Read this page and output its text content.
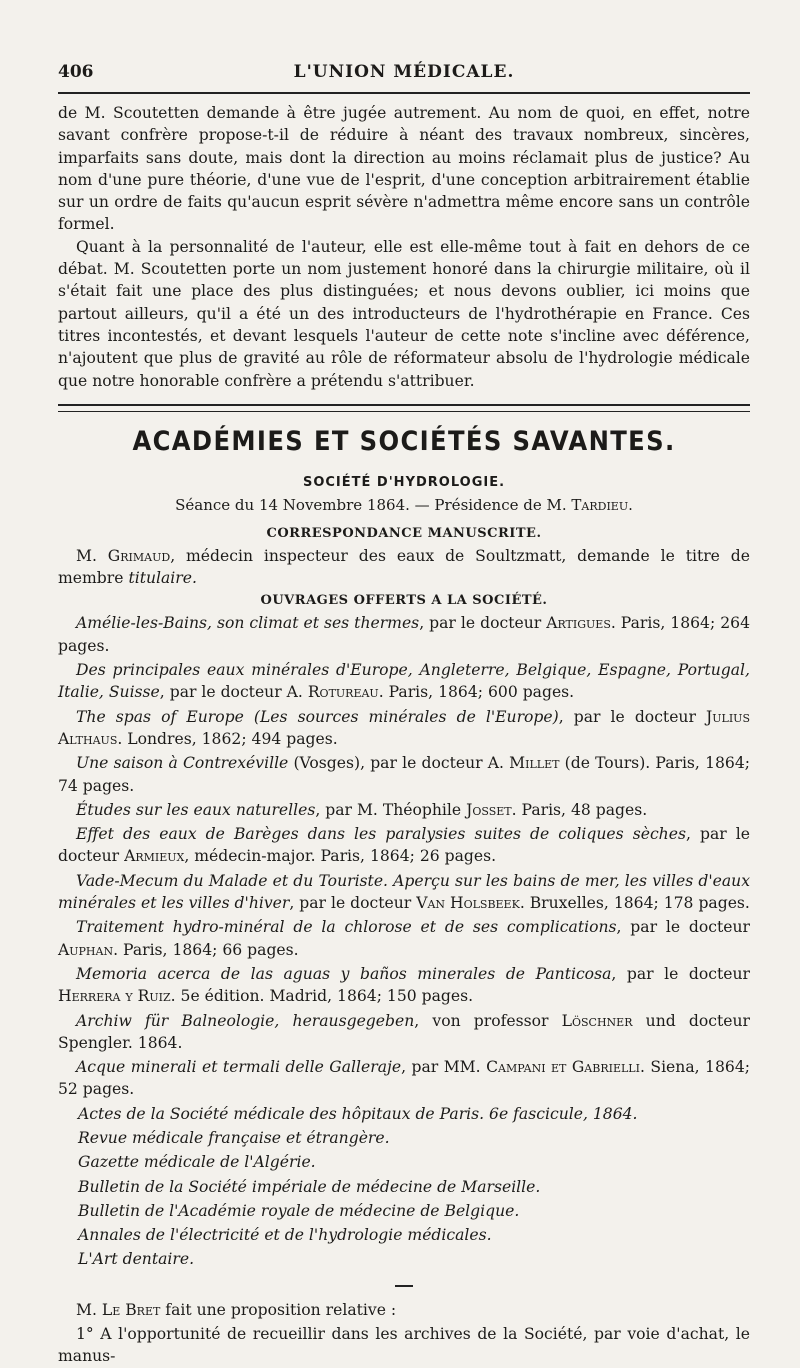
406	L'UNION MÉDICALE.

de M. Scoutetten demande à être jugée autrement. Au nom de quoi, en effet, notre savant confrère propose-t-il de réduire à néant des travaux nombreux, sincères, imparfaits sans doute, mais dont la direction au moins réclamait plus de justice? Au nom d'une pure théorie, d'une vue de l'esprit, d'une conception arbitrairement établie sur un ordre de faits qu'aucun esprit sévère n'admettra même encore sans un contrôle formel.

Quant à la personnalité de l'auteur, elle est elle-même tout à fait en dehors de ce débat. M. Scoutetten porte un nom justement honoré dans la chirurgie militaire, où il s'était fait une place des plus distinguées; et nous devons oublier, ici moins que partout ailleurs, qu'il a été un des introducteurs de l'hydrothérapie en France. Ces titres incontestés, et devant lesquels l'auteur de cette note s'incline avec déférence, n'ajoutent que plus de gravité au rôle de réformateur absolu de l'hydrologie médicale que notre honorable confrère a prétendu s'attribuer.

ACADÉMIES ET SOCIÉTÉS SAVANTES.
SOCIÉTÉ D'HYDROLOGIE.
Séance du 14 Novembre 1864. — Présidence de M. Tardieu.
CORRESPONDANCE MANUSCRITE.

M. Grimaud, médecin inspecteur des eaux de Soultzmatt, demande le titre de membre titulaire.

OUVRAGES OFFERTS A LA SOCIÉTÉ.

Amélie-les-Bains, son climat et ses thermes, par le docteur Artigues. Paris, 1864; 264 pages.

Des principales eaux minérales d'Europe, Angleterre, Belgique, Espagne, Portugal, Italie, Suisse, par le docteur A. Rotureau. Paris, 1864; 600 pages.

The spas of Europe (Les sources minérales de l'Europe), par le docteur Julius Althaus. Londres, 1862; 494 pages.

Une saison à Contrexéville (Vosges), par le docteur A. Millet (de Tours). Paris, 1864; 74 pages.

Études sur les eaux naturelles, par M. Théophile Josset. Paris, 48 pages.

Effet des eaux de Barèges dans les paralysies suites de coliques sèches, par le docteur Armieux, médecin-major. Paris, 1864; 26 pages.

Vade-Mecum du Malade et du Touriste. Aperçu sur les bains de mer, les villes d'eaux minérales et les villes d'hiver, par le docteur Van Holsbeek. Bruxelles, 1864; 178 pages.

Traitement hydro-minéral de la chlorose et de ses complications, par le docteur Auphan. Paris, 1864; 66 pages.

Memoria acerca de las aguas y baños minerales de Panticosa, par le docteur Herrera y Ruiz. 5e édition. Madrid, 1864; 150 pages.

Archiw für Balneologie, herausgegeben, von professor Löschner und docteur Spengler. 1864.

Acque minerali et termali delle Galleraje, par MM. Campani et Gabrielli. Siena, 1864; 52 pages.

Actes de la Société médicale des hôpitaux de Paris. 6e fascicule, 1864.
Revue médicale française et étrangère.
Gazette médicale de l'Algérie.
Bulletin de la Société impériale de médecine de Marseille.
Bulletin de l'Académie royale de médecine de Belgique.
Annales de l'électricité et de l'hydrologie médicales.
L'Art dentaire.

M. Le Bret fait une proposition relative :

1° A l'opportunité de recueillir dans les archives de la Société, par voie d'achat, le manus-
